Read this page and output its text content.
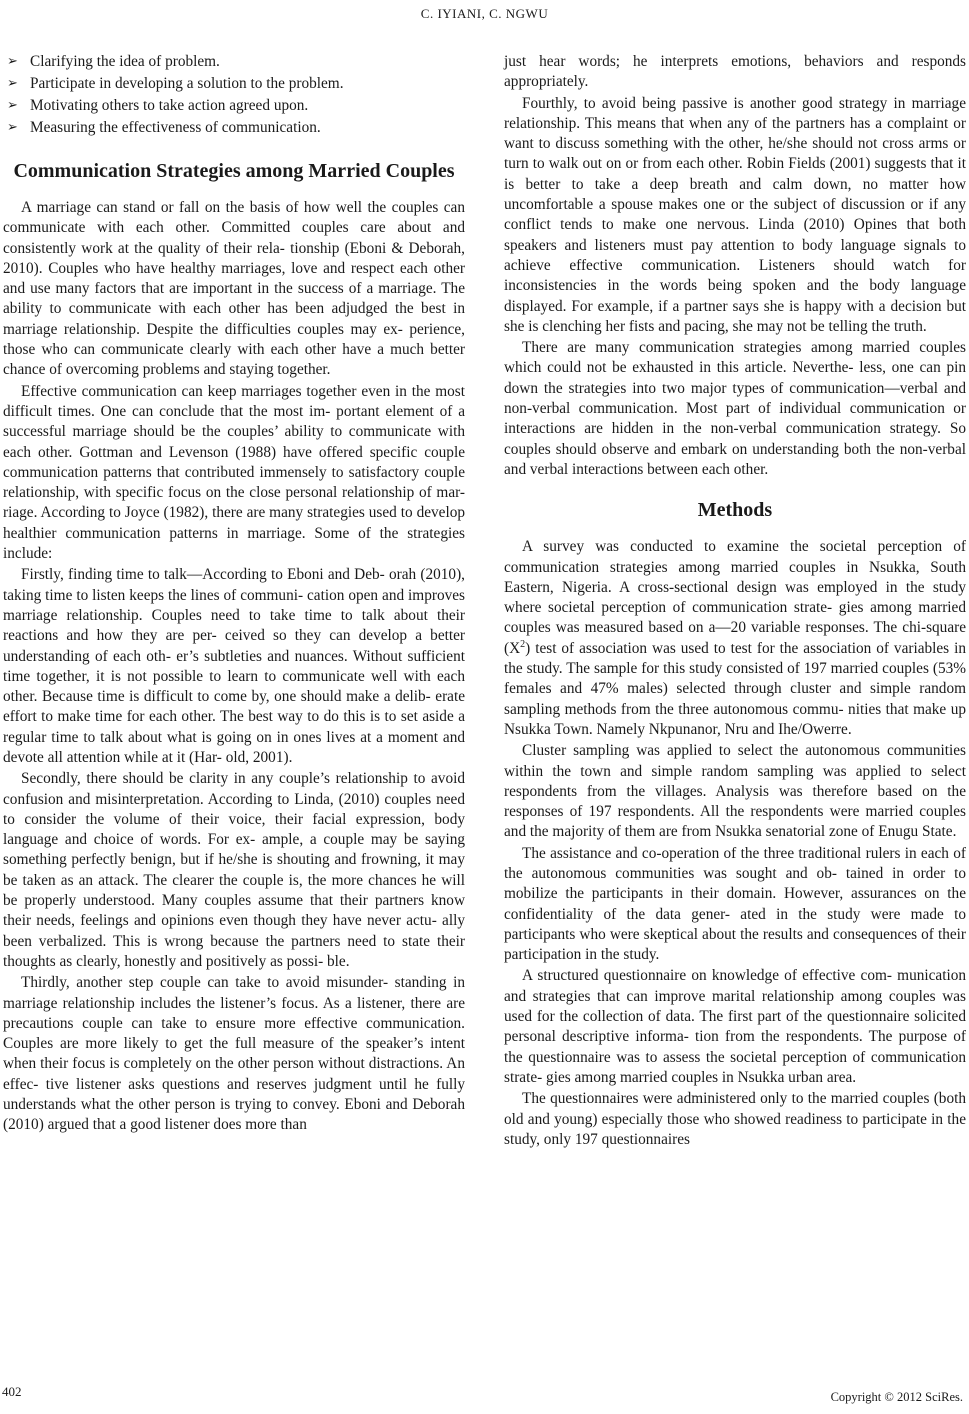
C. IYIANI, C. NGWU
➢ Clarifying the idea of problem.
➢ Participate in developing a solution to the problem.
➢ Motivating others to take action agreed upon.
➢ Measuring the effectiveness of communication.
Communication Strategies among Married Couples

A marriage can stand or fall on the basis of how well the couples can communicate with each other. Committed couples care about and consistently work at the quality of their rela- tionship (Eboni & Deborah, 2010). Couples who have healthy marriages, love and respect each other and use many factors that are important in the success of a marriage. The ability to communicate with each other has been adjudged the best in marriage relationship. Despite the difficulties couples may ex- perience, those who can communicate clearly with each other have a much better chance of overcoming problems and staying together.

Effective communication can keep marriages together even in the most difficult times. One can conclude that the most im- portant element of a successful marriage should be the couples’ ability to communicate with each other. Gottman and Levenson (1988) have offered specific couple communication patterns that contributed immensely to satisfactory couple relationship, with specific focus on the close personal relationship of mar- riage. According to Joyce (1982), there are many strategies used to develop healthier communication patterns in marriage. Some of the strategies include:

Firstly, finding time to talk—According to Eboni and Deb- orah (2010), taking time to listen keeps the lines of communi- cation open and improves marriage relationship. Couples need to take time to talk about their reactions and how they are per- ceived so they can develop a better understanding of each oth- er’s subtleties and nuances. Without sufficient time together, it is not possible to learn to communicate well with each other. Because time is difficult to come by, one should make a delib- erate effort to make time for each other. The best way to do this is to set aside a regular time to talk about what is going on in ones lives at a moment and devote all attention while at it (Har- old, 2001).

Secondly, there should be clarity in any couple’s relationship to avoid confusion and misinterpretation. According to Linda, (2010) couples need to consider the volume of their voice, their facial expression, body language and choice of words. For ex- ample, a couple may be saying something perfectly benign, but if he/she is shouting and frowning, it may be taken as an attack. The clearer the couple is, the more chances he will be properly understood. Many couples assume that their partners know their needs, feelings and opinions even though they have never actu- ally been verbalized. This is wrong because the partners need to state their thoughts as clearly, honestly and positively as possi- ble.

Thirdly, another step couple can take to avoid misunder- standing in marriage relationship includes the listener’s focus. As a listener, there are precautions couple can take to ensure more effective communication. Couples are more likely to get the full measure of the speaker’s intent when their focus is completely on the other person without distractions. An effec- tive listener asks questions and reserves judgment until he fully understands what the other person is trying to convey. Eboni and Deborah (2010) argued that a good listener does more than

just hear words; he interprets emotions, behaviors and responds appropriately.

Fourthly, to avoid being passive is another good strategy in marriage relationship. This means that when any of the partners has a complaint or want to discuss something with the other, he/she should not cross arms or turn to walk out on or from each other. Robin Fields (2001) suggests that it is better to take a deep breath and calm down, no matter how uncomfortable a spouse makes one or the subject of discussion or if any conflict tends to make one nervous. Linda (2010) Opines that both speakers and listeners must pay attention to body language signals to achieve effective communication. Listeners should watch for inconsistencies in the words being spoken and the body language displayed. For example, if a partner says she is happy with a decision but she is clenching her fists and pacing, she may not be telling the truth.

There are many communication strategies among married couples which could not be exhausted in this article. Neverthe- less, one can pin down the strategies into two major types of communication—verbal and non-verbal communication. Most part of individual communication or interactions are hidden in the non-verbal communication strategy. So couples should observe and embark on understanding both the non-verbal and verbal interactions between each other.

Methods

A survey was conducted to examine the societal perception of communication strategies among married couples in Nsukka, South Eastern, Nigeria. A cross-sectional design was employed in the study where societal perception of communication strate- gies among married couples was measured based on a—20 variable responses. The chi-square $(X^2)$ test of association was used to test for the association of variables in the study. The sample for this study consisted of 197 married couples (53% females and 47% males) selected through cluster and simple random sampling methods from the three autonomous commu- nities that make up Nsukka Town. Namely Nkpunanor, Nru and Ihe/Owerre.

Cluster sampling was applied to select the autonomous communities within the town and simple random sampling was applied to select respondents from the villages. Analysis was therefore based on the responses of 197 respondents. All the respondents were married couples and the majority of them are from Nsukka senatorial zone of Enugu State.

The assistance and co-operation of the three traditional rulers in each of the autonomous communities was sought and ob- tained in order to mobilize the participants in their domain. However, assurances on the confidentiality of the data gener- ated in the study were made to participants who were skeptical about the results and consequences of their participation in the study.

A structured questionnaire on knowledge of effective com- munication and strategies that can improve marital relationship among couples was used for the collection of data. The first part of the questionnaire solicited personal descriptive informa- tion from the respondents. The purpose of the questionnaire was to assess the societal perception of communication strate- gies among married couples in Nsukka urban area.

The questionnaires were administered only to the married couples (both old and young) especially those who showed readiness to participate in the study, only 197 questionnaires

402	Copyright © 2012 SciRes.
